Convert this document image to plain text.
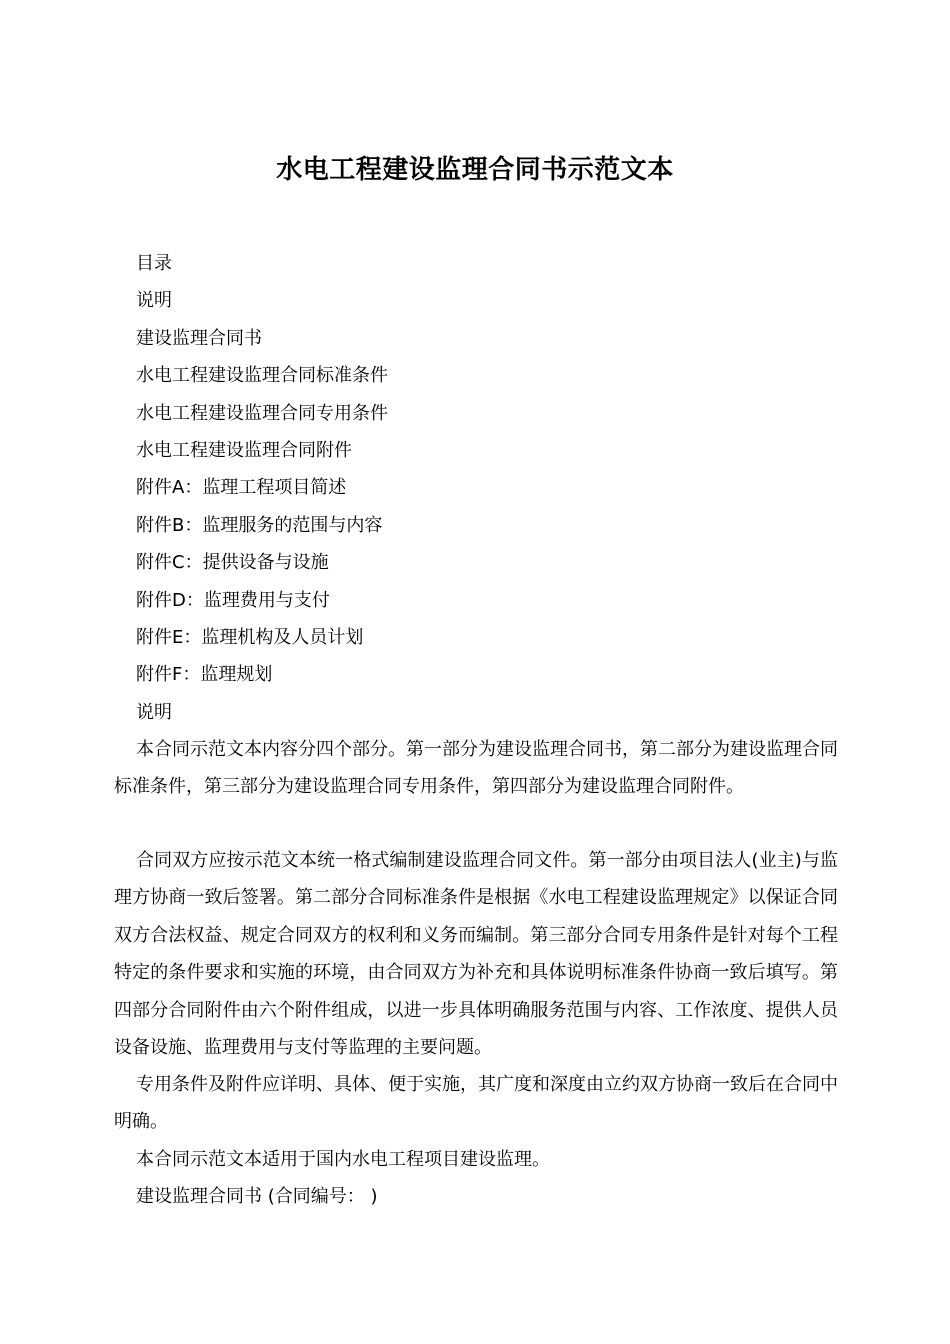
水电工程建设监理合同书示范文本
目录
说明
建设监理合同书
水电工程建设监理合同标准条件
水电工程建设监理合同专用条件
水电工程建设监理合同附件
附件A：监理工程项目简述
附件B：监理服务的范围与内容
附件C：提供设备与设施
附件D：监理费用与支付
附件E：监理机构及人员计划
附件F：监理规划
说明

本合同示范文本内容分四个部分。第一部分为建设监理合同书，第二部分为建设监理合同标准条件，第三部分为建设监理合同专用条件，第四部分为建设监理合同附件。

合同双方应按示范文本统一格式编制建设监理合同文件。第一部分由项目法人(业主)与监理方协商一致后签署。第二部分合同标准条件是根据《水电工程建设监理规定》以保证合同双方合法权益、规定合同双方的权利和义务而编制。第三部分合同专用条件是针对每个工程特定的条件要求和实施的环境，由合同双方为补充和具体说明标准条件协商一致后填写。第四部分合同附件由六个附件组成，以进一步具体明确服务范围与内容、工作浓度、提供人员设备设施、监理费用与支付等监理的主要问题。

专用条件及附件应详明、具体、便于实施，其广度和深度由立约双方协商一致后在合同中明确。

本合同示范文本适用于国内水电工程项目建设监理。

建设监理合同书 (合同编号： )
